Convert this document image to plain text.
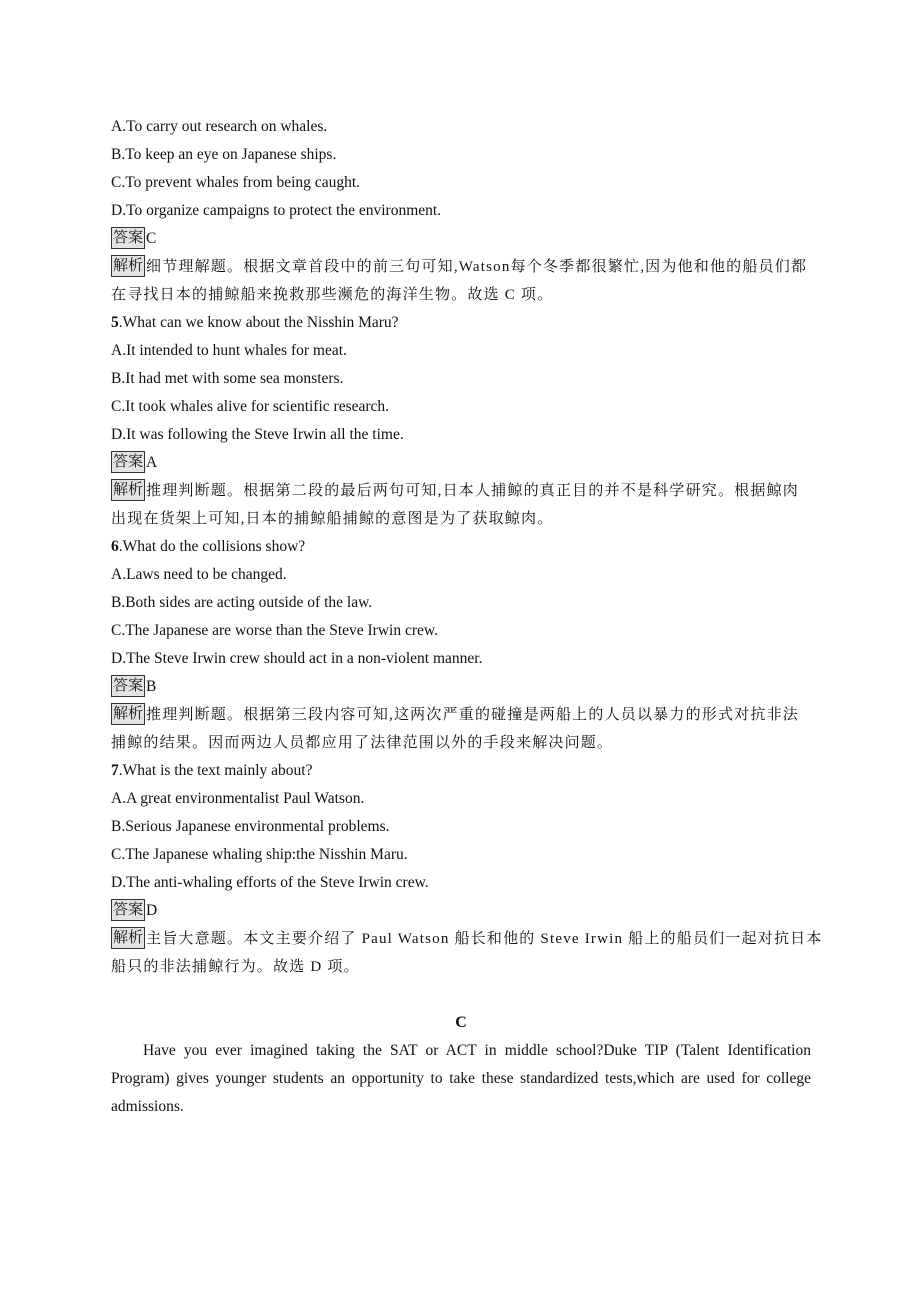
A.To carry out research on whales.
B.To keep an eye on Japanese ships.
C.To prevent whales from being caught.
D.To organize campaigns to protect the environment.
答案 C
解析 细节理解题。根据文章首段中的前三句可知,Watson每个冬季都很繁忙,因为他和他的船员们都
在寻找日本的捕鲸船来挽救那些濒危的海洋生物。故选 C 项。
5.What can we know about the Nisshin Maru?
A.It intended to hunt whales for meat.
B.It had met with some sea monsters.
C.It took whales alive for scientific research.
D.It was following the Steve Irwin all the time.
答案 A
解析 推理判断题。根据第二段的最后两句可知,日本人捕鲸的真正目的并不是科学研究。根据鲸肉
出现在货架上可知,日本的捕鲸船捕鲸的意图是为了获取鲸肉。
6.What do the collisions show?
A.Laws need to be changed.
B.Both sides are acting outside of the law.
C.The Japanese are worse than the Steve Irwin crew.
D.The Steve Irwin crew should act in a non-violent manner.
答案 B
解析 推理判断题。根据第三段内容可知,这两次严重的碰撞是两船上的人员以暴力的形式对抗非法
捕鲸的结果。因而两边人员都应用了法律范围以外的手段来解决问题。
7.What is the text mainly about?
A.A great environmentalist Paul Watson.
B.Serious Japanese environmental problems.
C.The Japanese whaling ship:the Nisshin Maru.
D.The anti-whaling efforts of the Steve Irwin crew.
答案 D
解析 主旨大意题。本文主要介绍了 Paul Watson 船长和他的 Steve Irwin 船上的船员们一起对抗日本
船只的非法捕鲸行为。故选 D 项。
C
Have you ever imagined taking the SAT or ACT in middle school?Duke TIP (Talent Identification Program) gives younger students an opportunity to take these standardized tests,which are used for college admissions.
